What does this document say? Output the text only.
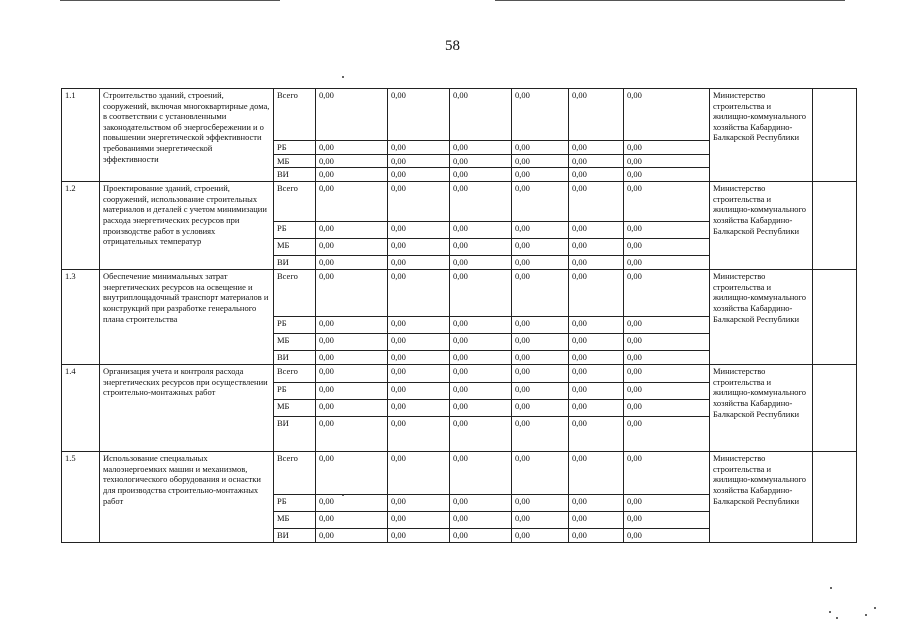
58
1.1	Строительство зданий, строений, сооружений, включая многоквартирные дома, в соответствии с установленными законодательством об энергосбережении и о повышении энергетической эффективности требованиями энергетической эффективности	Всего	0,00	0,00	0,00	0,00	0,00	0,00	Министерство строительства и жилищно-коммунального хозяйства Кабардино-Балкарской Республики	
		РБ	0,00	0,00	0,00	0,00	0,00	0,00		
		МБ	0,00	0,00	0,00	0,00	0,00	0,00		
		ВИ	0,00	0,00	0,00	0,00	0,00	0,00		
1.2	Проектирование зданий, строений, сооружений, использование строительных материалов и деталей с учетом минимизации расхода энергетических ресурсов при производстве работ в условиях отрицательных температур	Всего	0,00	0,00	0,00	0,00	0,00	0,00	Министерство строительства и жилищно-коммунального хозяйства Кабардино-Балкарской Республики	
		РБ	0,00	0,00	0,00	0,00	0,00	0,00		
		МБ	0,00	0,00	0,00	0,00	0,00	0,00		
		ВИ	0,00	0,00	0,00	0,00	0,00	0,00		
1.3	Обеспечение минимальных затрат энергетических ресурсов на освещение и внутриплощадочный транспорт материалов и конструкций при разработке генерального плана строительства	Всего	0,00	0,00	0,00	0,00	0,00	0,00	Министерство строительства и жилищно-коммунального хозяйства Кабардино-Балкарской Республики	
		РБ	0,00	0,00	0,00	0,00	0,00	0,00		
		МБ	0,00	0,00	0,00	0,00	0,00	0,00		
		ВИ	0,00	0,00	0,00	0,00	0,00	0,00		
1.4	Организация учета и контроля расхода энергетических ресурсов при осуществлении строительно-монтажных работ	Всего	0,00	0,00	0,00	0,00	0,00	0,00	Министерство строительства и жилищно-коммунального хозяйства Кабардино-Балкарской Республики	
		РБ	0,00	0,00	0,00	0,00	0,00	0,00		
		МБ	0,00	0,00	0,00	0,00	0,00	0,00		
		ВИ	0,00	0,00	0,00	0,00	0,00	0,00		
1.5	Использование специальных малоэнергоемких машин и механизмов, технологического оборудования и оснастки для производства строительно-монтажных работ	Всего	0,00	0,00	0,00	0,00	0,00	0,00	Министерство строительства и жилищно-коммунального хозяйства Кабардино-Балкарской Республики	
		РБ	0,00	0,00	0,00	0,00	0,00	0,00		
		МБ	0,00	0,00	0,00	0,00	0,00	0,00		
		ВИ	0,00	0,00	0,00	0,00	0,00	0,00		
